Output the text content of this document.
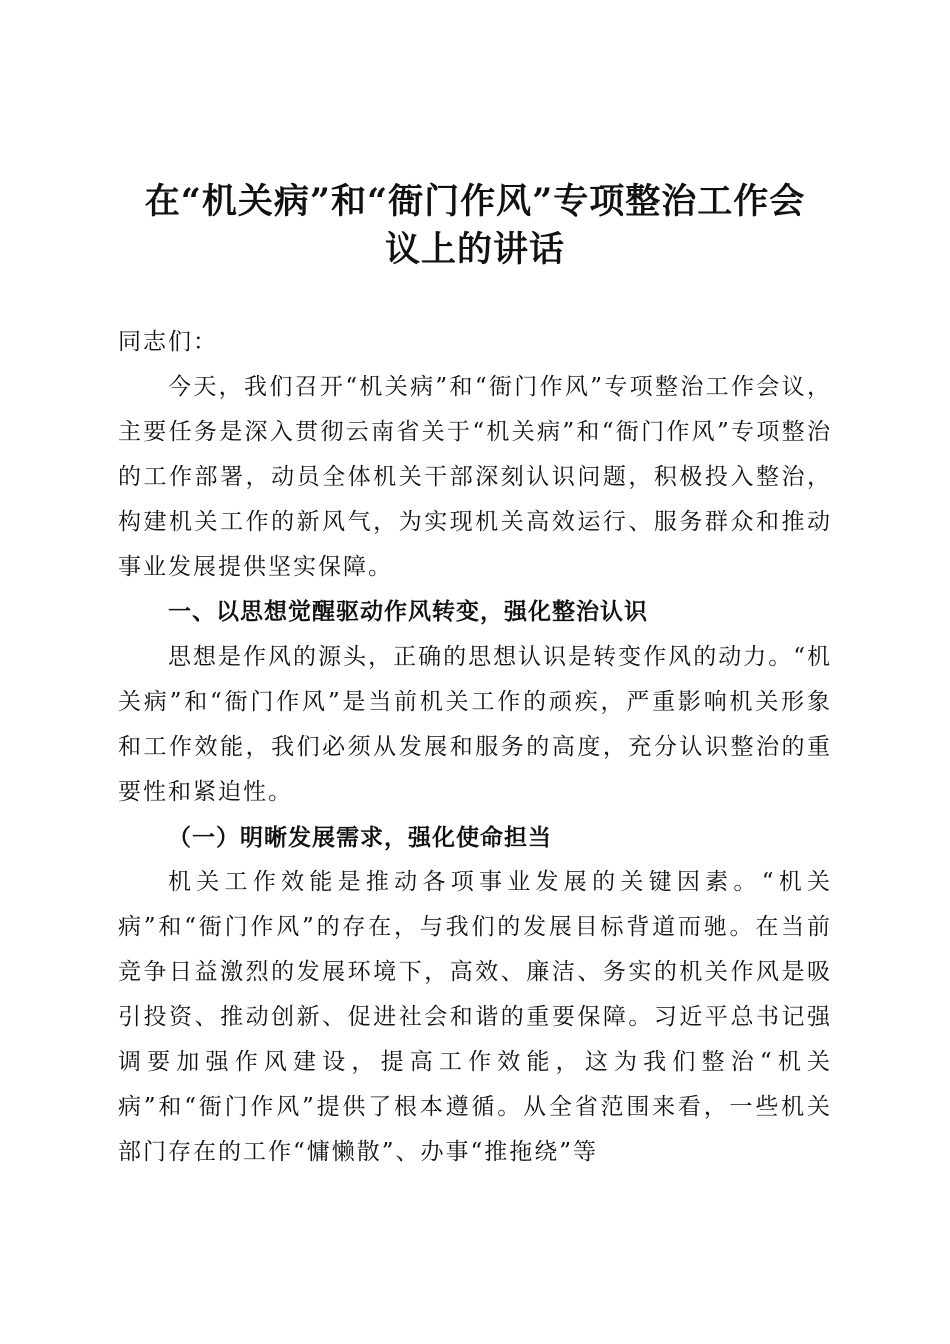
在“机关病”和“衙门作风”专项整治工作会
议上的讲话

同志们：

今天，我们召开“机关病”和“衙门作风”专项整治工作会议，主要任务是深入贯彻云南省关于“机关病”和“衙门作风”专项整治的工作部署，动员全体机关干部深刻认识问题，积极投入整治，构建机关工作的新风气，为实现机关高效运行、服务群众和推动事业发展提供坚实保障。

一、以思想觉醒驱动作风转变，强化整治认识

思想是作风的源头，正确的思想认识是转变作风的动力。“机关病”和“衙门作风”是当前机关工作的顽疾，严重影响机关形象和工作效能，我们必须从发展和服务的高度，充分认识整治的重要性和紧迫性。

（一）明晰发展需求，强化使命担当

机关工作效能是推动各项事业发展的关键因素。“机关病”和“衙门作风”的存在，与我们的发展目标背道而驰。在当前竞争日益激烈的发展环境下，高效、廉洁、务实的机关作风是吸引投资、推动创新、促进社会和谐的重要保障。习近平总书记强调要加强作风建设，提高工作效能，这为我们整治“机关病”和“衙门作风”提供了根本遵循。从全省范围来看，一些机关部门存在的工作“慵懒散”、办事“推拖绕”等
